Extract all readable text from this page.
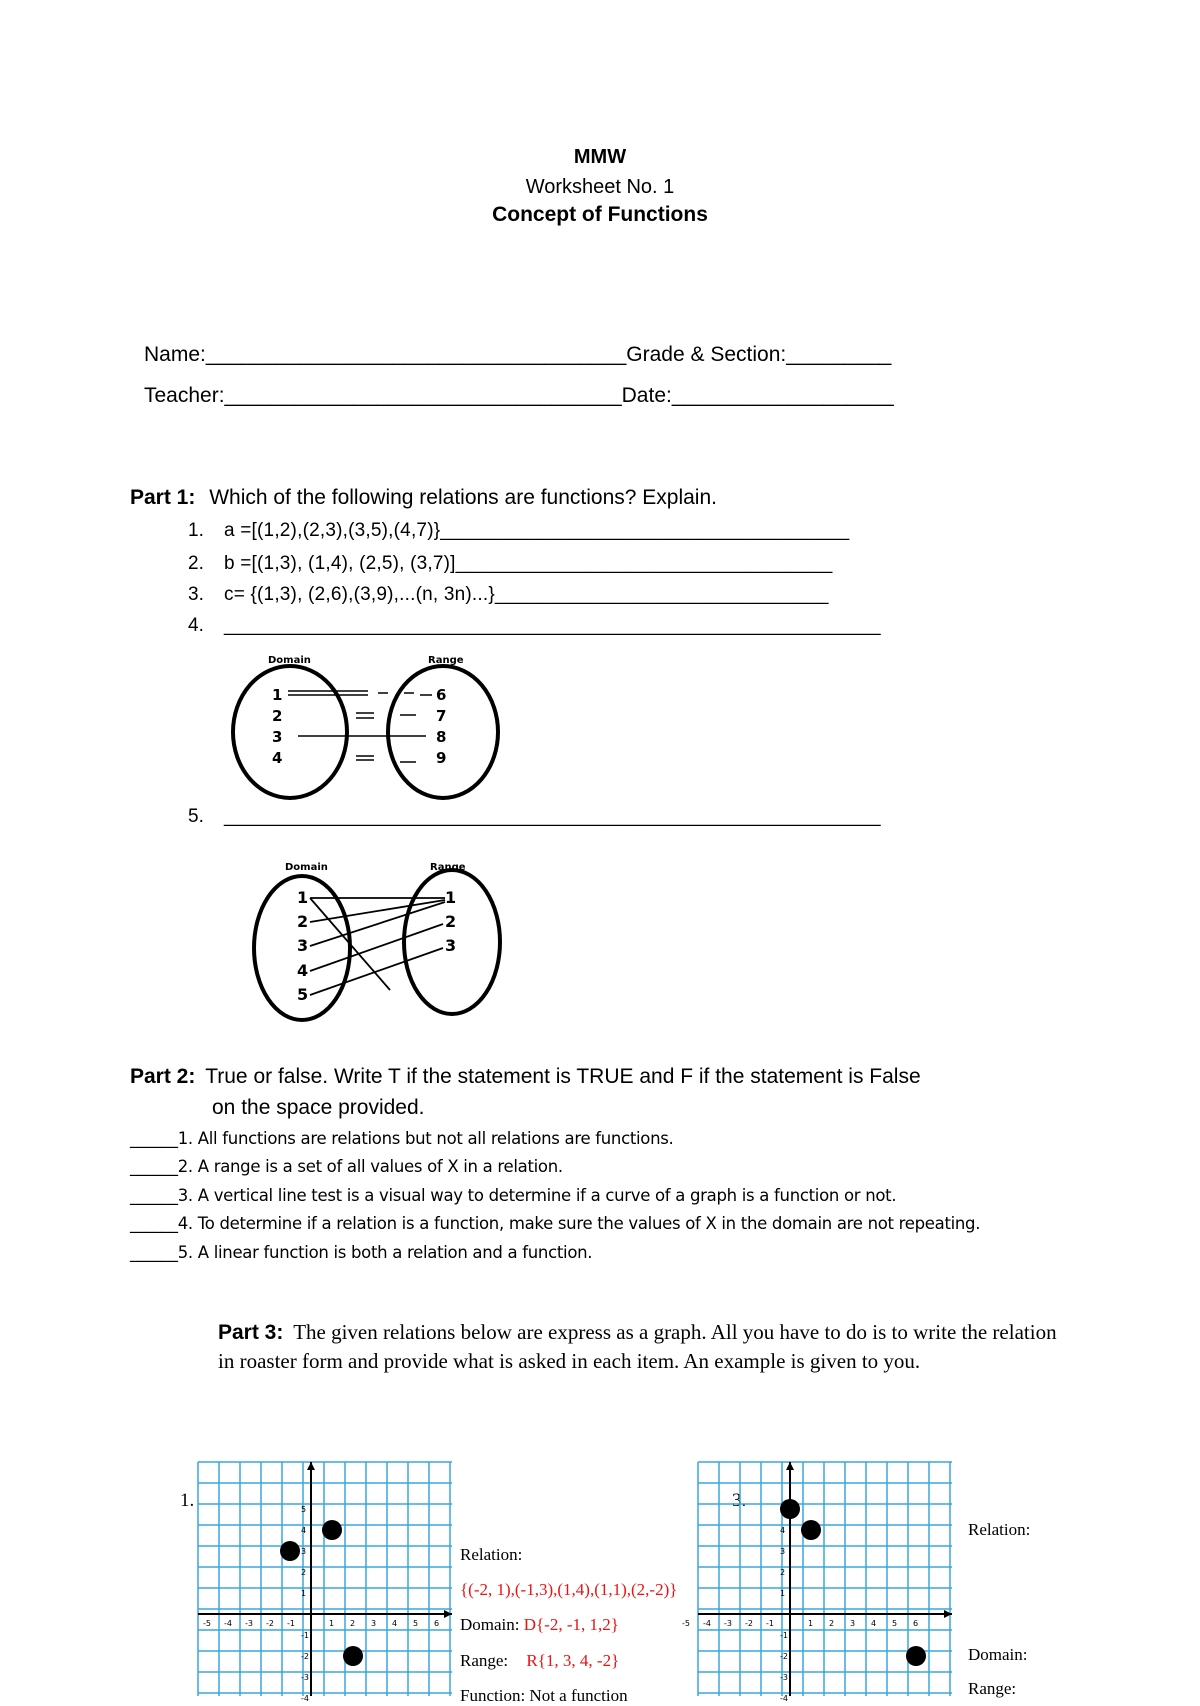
MMW
Worksheet No. 1
Concept of Functions
Name:____________________________________Grade & Section:_________
Teacher:__________________________________Date:___________________
Part 1: Which of the following relations are functions? Explain.
1. a =[(1,2),(2,3),(3,5),(4,7)}______________________________________
2. b =[(1,3), (1,4), (2,5), (3,7)]___________________________________
3. c= {(1,3), (2,6),(3,9),...(n, 3n)...}_______________________________
4. _____________________________________________________________
Domain	Range
1
2
3
4
6
7
8
9
5. _____________________________________________________________
Domain	Range
1
2
3
4
5
1
2
3
Part 2: True or false. Write T if the statement is TRUE and F if the statement is False
on the space provided.
______1. All functions are relations but not all relations are functions.
______2. A range is a set of all values of X in a relation.
______3. A vertical line test is a visual way to determine if a curve of a graph is a function or not.
______4. To determine if a relation is a function, make sure the values of X in the domain are not repeating.
______5. A linear function is both a relation and a function.
Part 3: The given relations below are express as a graph. All you have to do is to write the relation in roaster form and provide what is asked in each item. An example is given to you.
1.
-5 -4 -3 -2 -1	1 2 3 4 5 6
-4
-3
-2
-1
1
2
3
4
5
Relation:
{(-2, 1),(-1,3),(1,4),(1,1),(2,-2)}
Domain: D{-2, -1, 1,2}
Range: R{1, 3, 4, -2}
Function: Not a function
3.
-5 -4 -3 -2 -1	1 2 3 4 5 6
-4
-3
-2
-1
1
2
3
4	Relation:
Domain:
Range:
